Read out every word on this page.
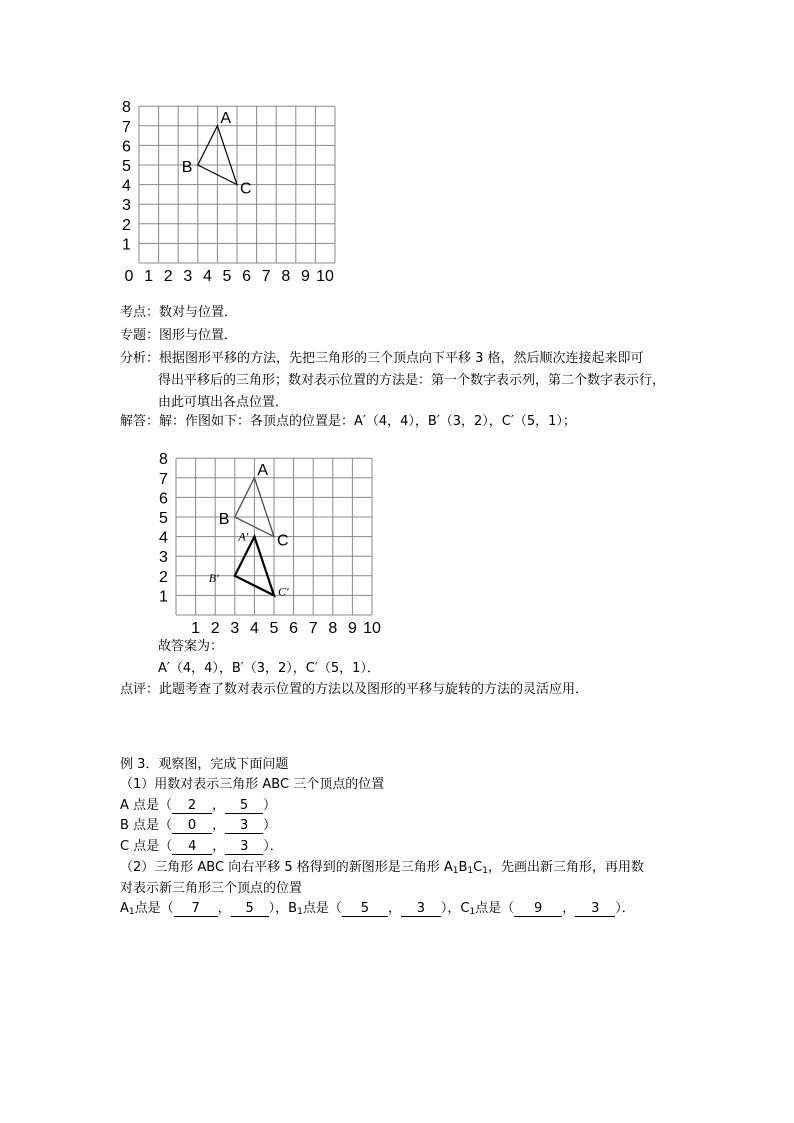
1
2
3
4
5
6
7
8
0 1 2 3 4 5 6 7 8 9 10
A
B
C
1
2
3
4
5
6
7
8
1 2 3 4 5 6 7 8 9 10
A
B
C
A′
B′
C′
考点：数对与位置．
专题：图形与位置．
分析：根据图形平移的方法，先把三角形的三个顶点向下平移 3 格，然后顺次连接起来即可
得出平移后的三角形；数对表示位置的方法是：第一个数字表示列，第二个数字表示行，
由此可填出各点位置．
解答：解：作图如下：各顶点的位置是：A′（4，4），B′（3，2），C′（5，1）；
故答案为：
A′（4，4），B′（3，2），C′（5，1）．
点评：此题考查了数对表示位置的方法以及图形的平移与旋转的方法的灵活应用．
例 3．观察图，完成下面问题
（1）用数对表示三角形 ABC 三个顶点的位置
A 点是（ 2 ， 5 ）
B 点是（ 0 ， 3 ）
C 点是（ 4 ， 3 ）．
（2）三角形 ABC 向右平移 5 格得到的新图形是三角形 $A_1B_1C_1$，先画出新三角形，再用数
对表示新三角形三个顶点的位置
$A_1$点是（ 7 ， 5 ），$B_1$点是（ 5 ， 3 ），$C_1$点是（ 9 ， 3 ）．
